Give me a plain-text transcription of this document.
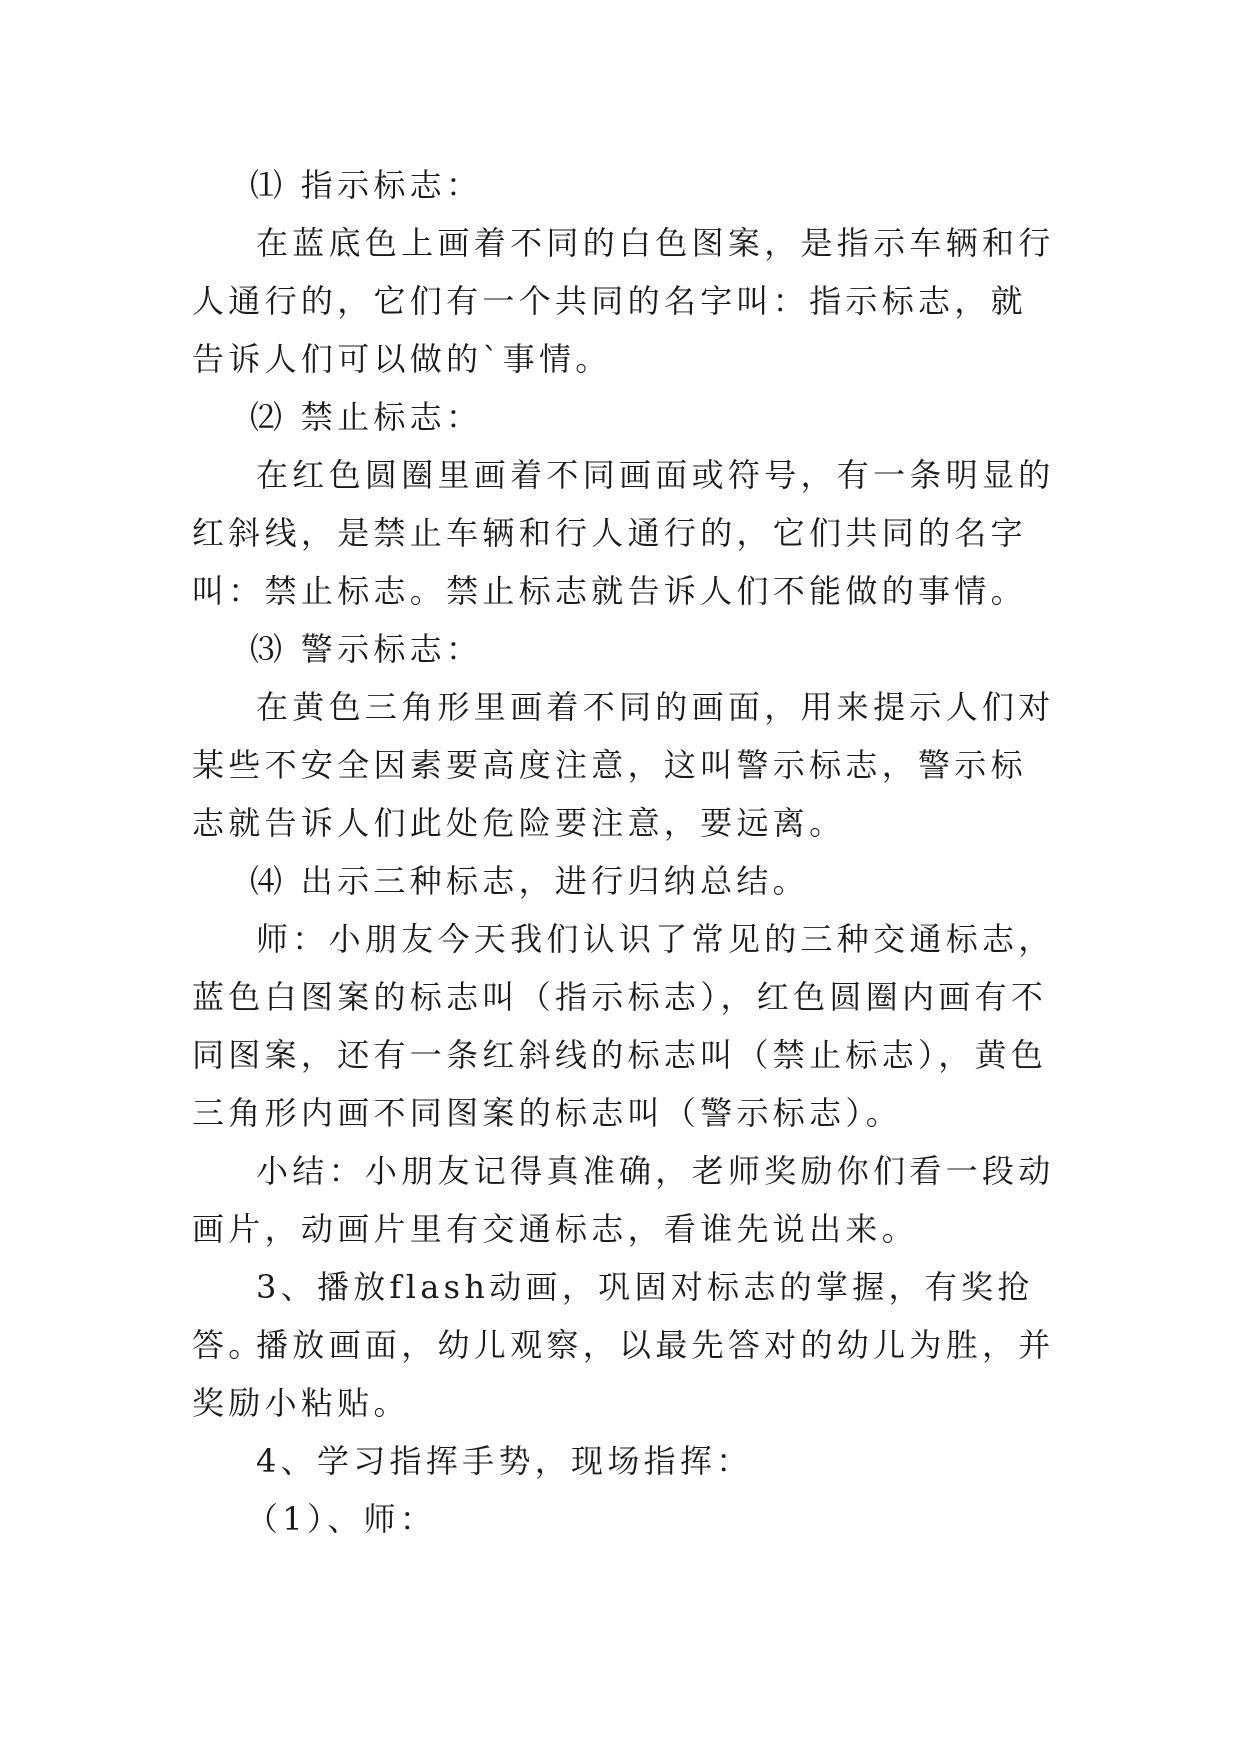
⑴ 指示标志：

在蓝底色上画着不同的白色图案，是指示车辆和行人通行的，它们有一个共同的名字叫：指示标志，就告诉人们可以做的`事情。

⑵ 禁止标志：

在红色圆圈里画着不同画面或符号，有一条明显的红斜线，是禁止车辆和行人通行的，它们共同的名字叫：禁止标志。禁止标志就告诉人们不能做的事情。

⑶ 警示标志：

在黄色三角形里画着不同的画面，用来提示人们对某些不安全因素要高度注意，这叫警示标志，警示标志就告诉人们此处危险要注意，要远离。

⑷ 出示三种标志，进行归纳总结。

师：小朋友今天我们认识了常见的三种交通标志，蓝色白图案的标志叫（指示标志），红色圆圈内画有不同图案，还有一条红斜线的标志叫（禁止标志），黄色三角形内画不同图案的标志叫（警示标志）。

小结：小朋友记得真准确，老师奖励你们看一段动画片，动画片里有交通标志，看谁先说出来。

3、播放flash动画，巩固对标志的掌握，有奖抢答。

播放画面，幼儿观察，以最先答对的幼儿为胜，并奖励小粘贴。

4、学习指挥手势，现场指挥：

（1）、师：
